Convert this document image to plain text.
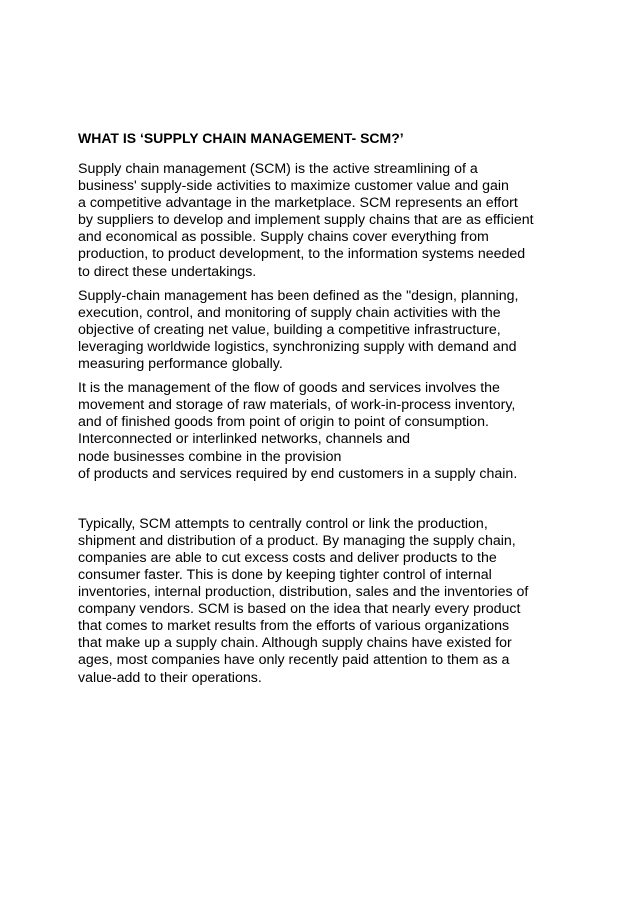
WHAT IS ‘SUPPLY CHAIN MANAGEMENT- SCM?’

Supply chain management (SCM) is the active streamlining of a
business' supply-side activities to maximize customer value and gain
a competitive advantage in the marketplace. SCM represents an effort
by suppliers to develop and implement supply chains that are as efficient
and economical as possible. Supply chains cover everything from
production, to product development, to the information systems needed
to direct these undertakings.

Supply-chain management has been defined as the "design, planning,
execution, control, and monitoring of supply chain activities with the
objective of creating net value, building a competitive infrastructure,
leveraging worldwide logistics, synchronizing supply with demand and
measuring performance globally.

It is the management of the flow of goods and services involves the
movement and storage of raw materials, of work-in-process inventory,
and of finished goods from point of origin to point of consumption.
Interconnected or interlinked networks, channels and
node businesses combine in the provision
of products and services required by end customers in a supply chain.

Typically, SCM attempts to centrally control or link the production,
shipment and distribution of a product. By managing the supply chain,
companies are able to cut excess costs and deliver products to the
consumer faster. This is done by keeping tighter control of internal
inventories, internal production, distribution, sales and the inventories of
company vendors. SCM is based on the idea that nearly every product
that comes to market results from the efforts of various organizations
that make up a supply chain. Although supply chains have existed for
ages, most companies have only recently paid attention to them as a
value-add to their operations.
